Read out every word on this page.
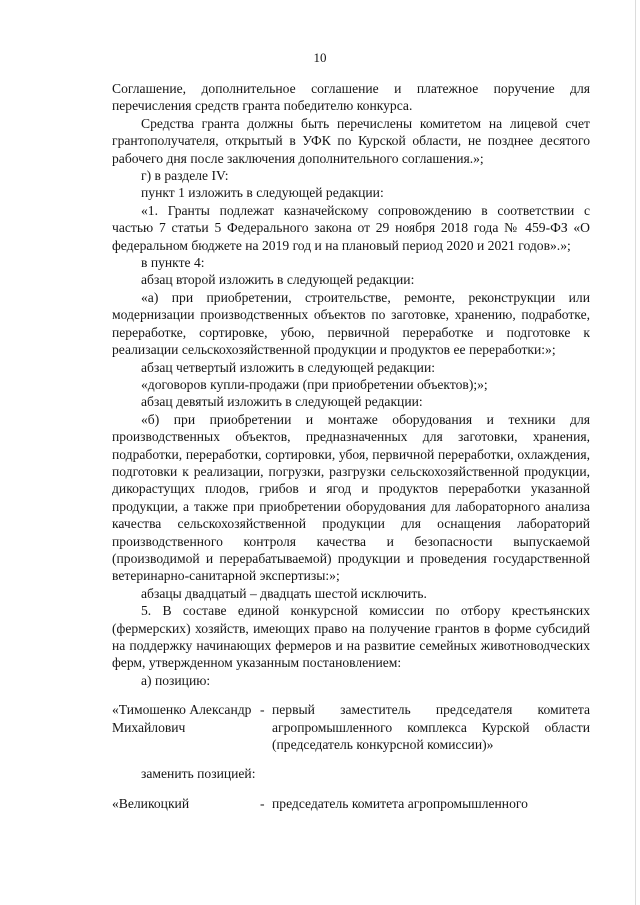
10

Соглашение, дополнительное соглашение и платежное поручение для перечисления средств гранта победителю конкурса.

Средства гранта должны быть перечислены комитетом на лицевой счет грантополучателя, открытый в УФК по Курской области, не позднее десятого рабочего дня после заключения дополнительного соглашения.»;

г) в разделе IV:

пункт 1 изложить в следующей редакции:

«1. Гранты подлежат казначейскому сопровождению в соответствии с частью 7 статьи 5 Федерального закона от 29 ноября 2018 года № 459-ФЗ «О федеральном бюджете на 2019 год и на плановый период 2020 и 2021 годов».»;

в пункте 4:

абзац второй изложить в следующей редакции:

«а) при приобретении, строительстве, ремонте, реконструкции или модернизации производственных объектов по заготовке, хранению, подработке, переработке, сортировке, убою, первичной переработке и подготовке к реализации сельскохозяйственной продукции и продуктов ее переработки:»;

абзац четвертый изложить в следующей редакции:

«договоров купли-продажи (при приобретении объектов);»;

абзац девятый изложить в следующей редакции:

«б) при приобретении и монтаже оборудования и техники для производственных объектов, предназначенных для заготовки, хранения, подработки, переработки, сортировки, убоя, первичной переработки, охлаждения, подготовки к реализации, погрузки, разгрузки сельскохозяйственной продукции, дикорастущих плодов, грибов и ягод и продуктов переработки указанной продукции, а также при приобретении оборудования для лабораторного анализа качества сельскохозяйственной продукции для оснащения лабораторий производственного контроля качества и безопасности выпускаемой (производимой и перерабатываемой) продукции и проведения государственной ветеринарно-санитарной экспертизы:»;

абзацы двадцатый – двадцать шестой исключить.

5. В составе единой конкурсной комиссии по отбору крестьянских (фермерских) хозяйств, имеющих право на получение грантов в форме субсидий на поддержку начинающих фермеров и на развитие семейных животноводческих ферм, утвержденном указанным постановлением:

а) позицию:

«Тимошенко Александр Михайлович
- первый заместитель председателя комитета агропромышленного комплекса Курской области (председатель конкурсной комиссии)»

заменить позицией:

«Великоцкий	- председатель комитета агропромышленного
